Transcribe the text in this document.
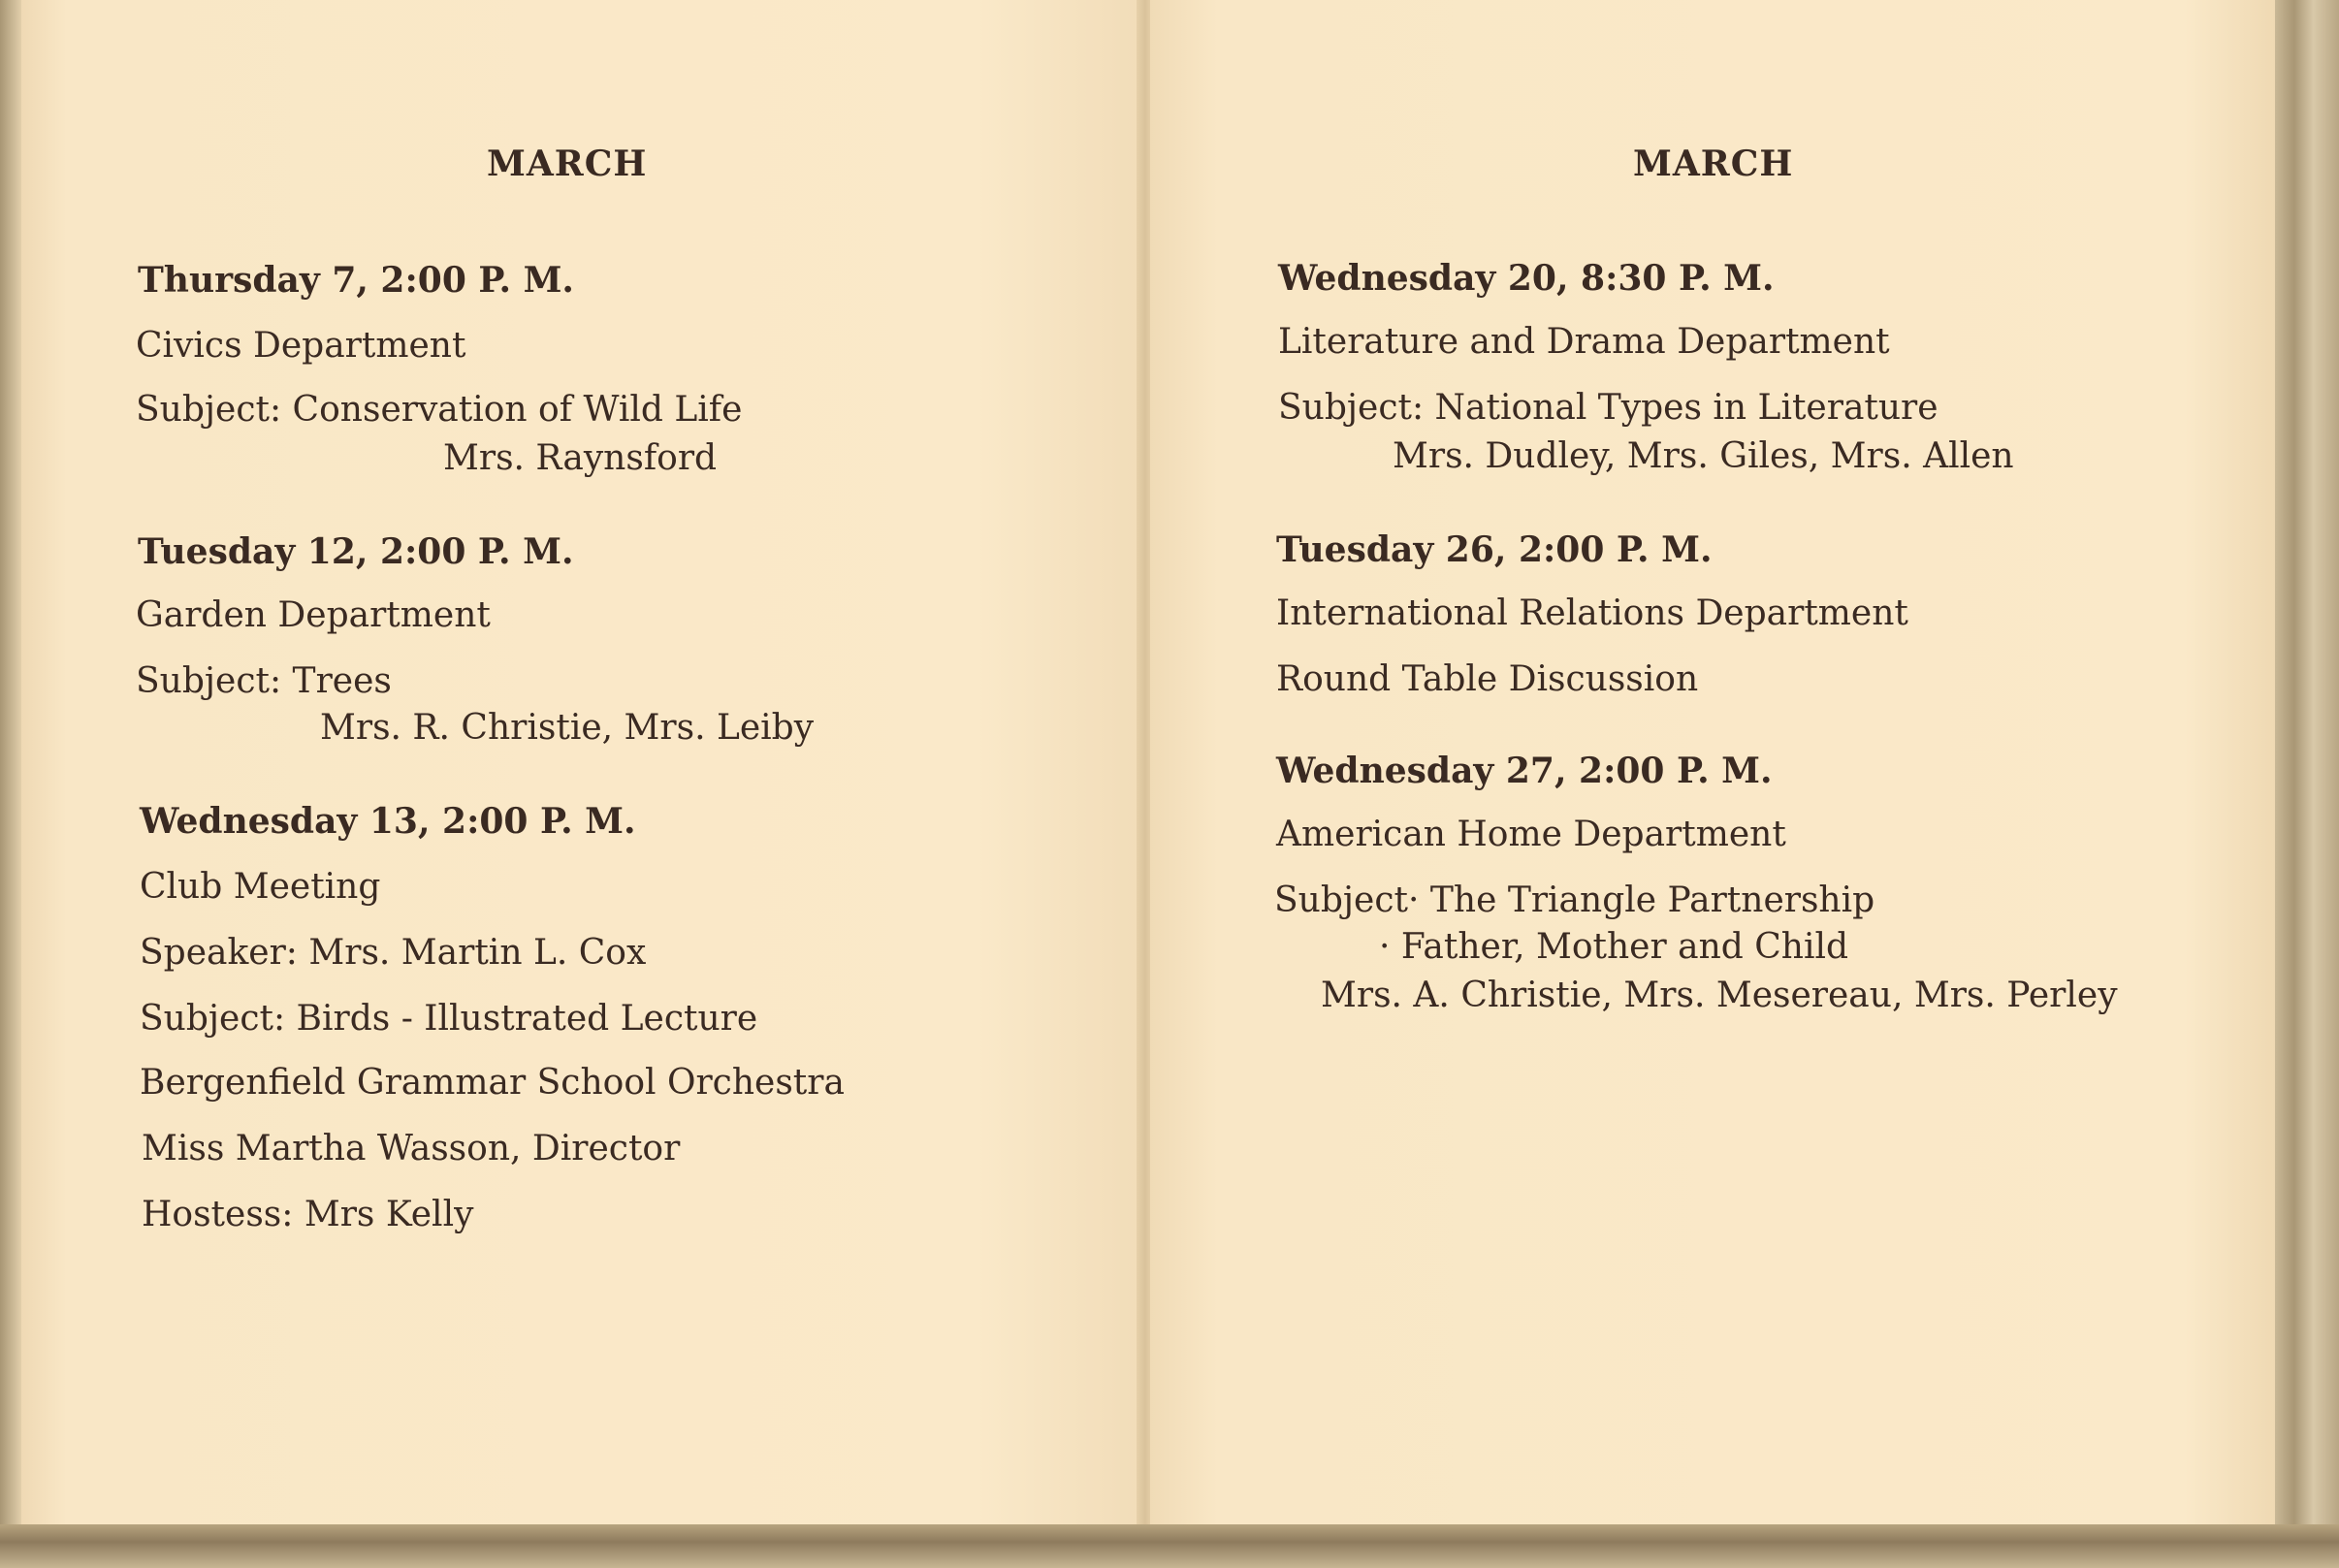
MARCH
Thursday 7, 2:00 P. M.
Civics Department
Subject: Conservation of Wild Life
Mrs. Raynsford
Tuesday 12, 2:00 P. M.
Garden Department
Subject: Trees
Mrs. R. Christie, Mrs. Leiby
Wednesday 13, 2:00 P. M.
Club Meeting
Speaker: Mrs. Martin L. Cox
Subject: Birds - Illustrated Lecture
Bergenfield Grammar School Orchestra
Miss Martha Wasson, Director
Hostess: Mrs Kelly
MARCH
Wednesday 20, 8:30 P. M.
Literature and Drama Department
Subject: National Types in Literature
Mrs. Dudley, Mrs. Giles, Mrs. Allen
Tuesday 26, 2:00 P. M.
International Relations Department
Round Table Discussion
Wednesday 27, 2:00 P. M.
American Home Department
Subject· The Triangle Partnership
· Father, Mother and Child
Mrs. A. Christie, Mrs. Mesereau, Mrs. Perley
